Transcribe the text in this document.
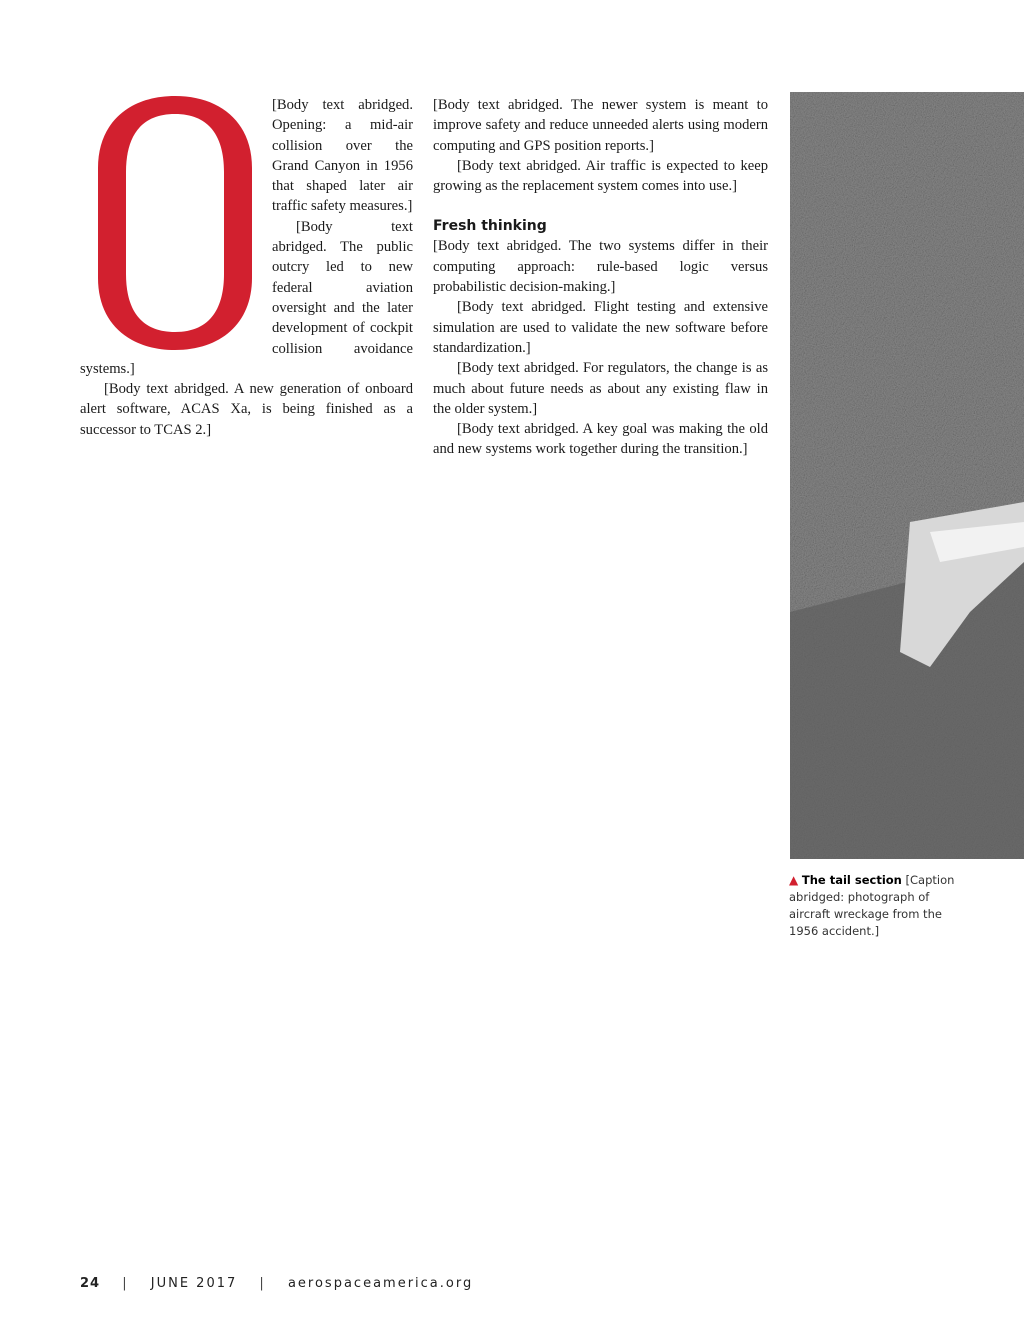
[Body text abridged. Opening: a mid-air collision over the Grand Canyon in 1956 that shaped later air traffic safety measures.]

[Body text abridged. The public outcry led to new federal aviation oversight and the later development of cockpit collision avoidance systems.]

[Body text abridged. A new generation of onboard alert software, ACAS Xa, is being finished as a successor to TCAS 2.]

[Body text abridged. The newer system is meant to improve safety and reduce unneeded alerts using modern computing and GPS position reports.]

[Body text abridged. Air traffic is expected to keep growing as the replacement system comes into use.]

Fresh thinking

[Body text abridged. The two systems differ in their computing approach: rule-based logic versus probabilistic decision-making.]

[Body text abridged. Flight testing and extensive simulation are used to validate the new software before standardization.]

[Body text abridged. For regulators, the change is as much about future needs as about any existing flaw in the older system.]

[Body text abridged. A key goal was making the old and new systems work together during the transition.]

▲ The tail section [Caption abridged: photograph of aircraft wreckage from the 1956 accident.]
24 | JUNE 2017 | aerospaceamerica.org
